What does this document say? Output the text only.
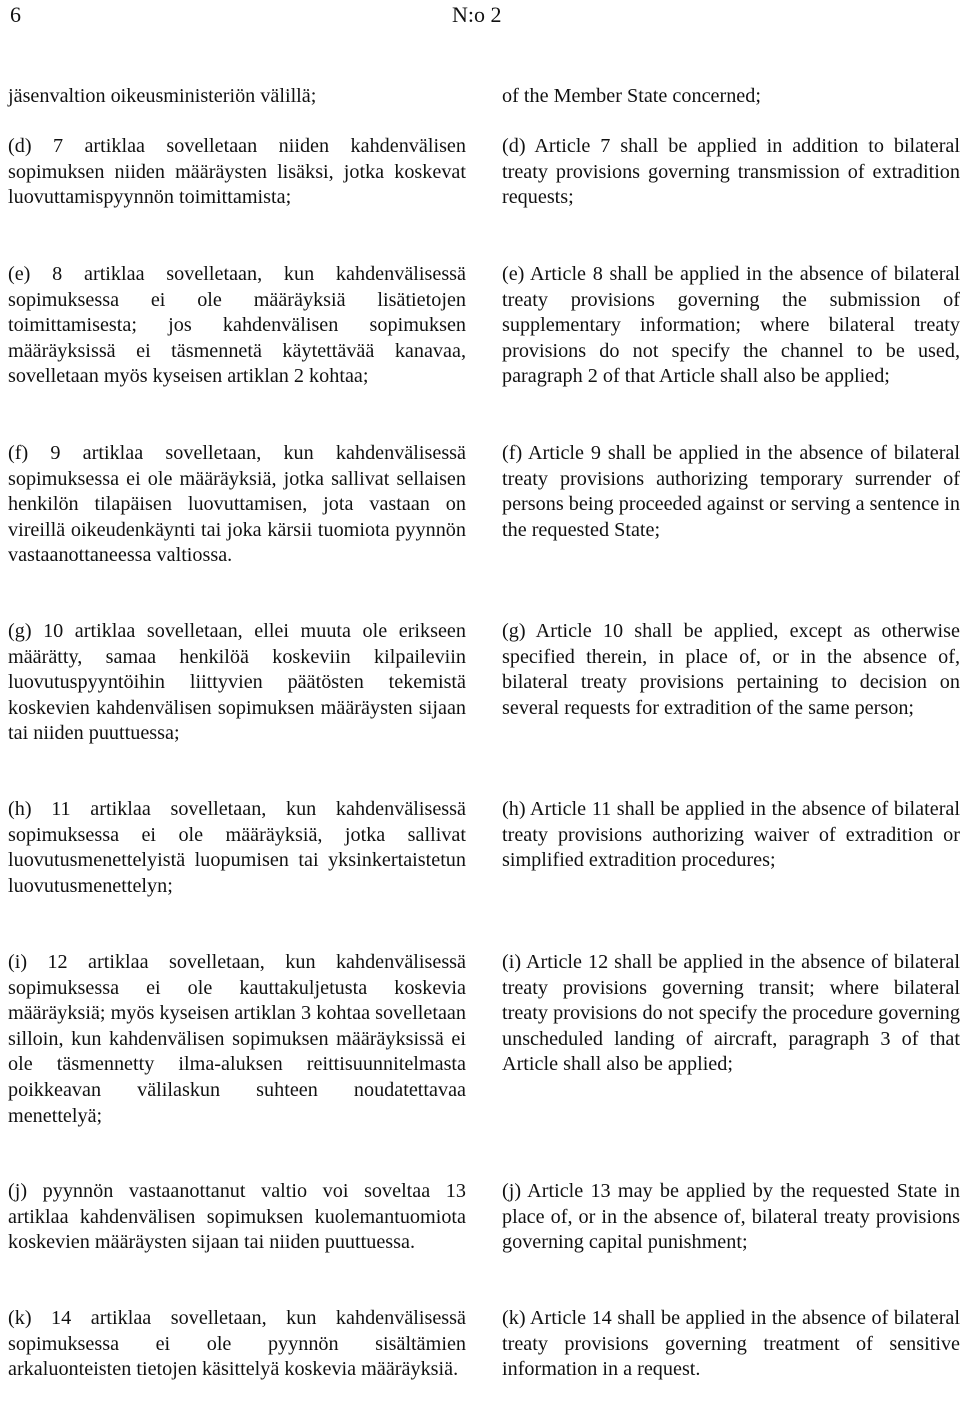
6	N:o 2

jäsenvaltion oikeusministeriön välillä;

(d) 7 artiklaa sovelletaan niiden kahdenvälisen sopimuksen niiden määräysten lisäksi, jotka koskevat luovuttamispyynnön toimittamista;

(e) 8 artiklaa sovelletaan, kun kahdenvälisessä sopimuksessa ei ole määräyksiä lisätietojen toimittamisesta; jos kahdenvälisen sopimuksen määräyksissä ei täsmennetä käytettävää kanavaa, sovelletaan myös kyseisen artiklan 2 kohtaa;

(f) 9 artiklaa sovelletaan, kun kahdenvälisessä sopimuksessa ei ole määräyksiä, jotka sallivat sellaisen henkilön tilapäisen luovuttamisen, jota vastaan on vireillä oikeudenkäynti tai joka kärsii tuomiota pyynnön vastaanottaneessa valtiossa.

(g) 10 artiklaa sovelletaan, ellei muuta ole erikseen määrätty, samaa henkilöä koskeviin kilpaileviin luovutuspyyntöihin liittyvien päätösten tekemistä koskevien kahdenvälisen sopimuksen määräysten sijaan tai niiden puuttuessa;

(h) 11 artiklaa sovelletaan, kun kahdenvälisessä sopimuksessa ei ole määräyksiä, jotka sallivat luovutusmenettelyistä luopumisen tai yksinkertaistetun luovutusmenettelyn;

(i) 12 artiklaa sovelletaan, kun kahdenvälisessä sopimuksessa ei ole kauttakuljetusta koskevia määräyksiä; myös kyseisen artiklan 3 kohtaa sovelletaan silloin, kun kahdenvälisen sopimuksen määräyksissä ei ole täsmennetty ilma-aluksen reittisuunnitelmasta poikkeavan välilaskun suhteen noudatettavaa menettelyä;

(j) pyynnön vastaanottanut valtio voi soveltaa 13 artiklaa kahdenvälisen sopimuksen kuolemantuomiota koskevien määräysten sijaan tai niiden puuttuessa.

(k) 14 artiklaa sovelletaan, kun kahdenvälisessä sopimuksessa ei ole pyynnön sisältämien arkaluonteisten tietojen käsittelyä koskevia määräyksiä.

of the Member State concerned;

(d) Article 7 shall be applied in addition to bilateral treaty provisions governing transmission of extradition requests;

(e) Article 8 shall be applied in the absence of bilateral treaty provisions governing the submission of supplementary information; where bilateral treaty provisions do not specify the channel to be used, paragraph 2 of that Article shall also be applied;

(f) Article 9 shall be applied in the absence of bilateral treaty provisions authorizing temporary surrender of persons being proceeded against or serving a sentence in the requested State;

(g) Article 10 shall be applied, except as otherwise specified therein, in place of, or in the absence of, bilateral treaty provisions pertaining to decision on several requests for extradition of the same person;

(h) Article 11 shall be applied in the absence of bilateral treaty provisions authorizing waiver of extradition or simplified extradition procedures;

(i) Article 12 shall be applied in the absence of bilateral treaty provisions governing transit; where bilateral treaty provisions do not specify the procedure governing unscheduled landing of aircraft, paragraph 3 of that Article shall also be applied;

(j) Article 13 may be applied by the requested State in place of, or in the absence of, bilateral treaty provisions governing capital punishment;

(k) Article 14 shall be applied in the absence of bilateral treaty provisions governing treatment of sensitive information in a request.
